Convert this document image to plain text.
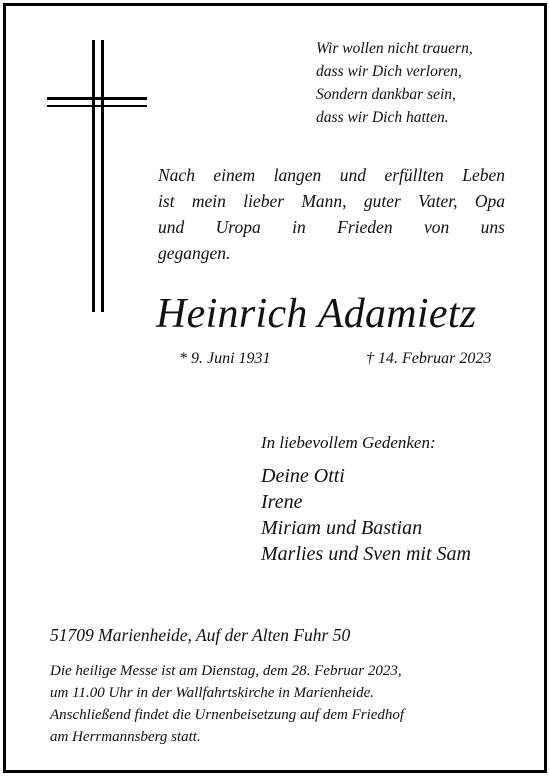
Wir wollen nicht trauern,
dass wir Dich verloren,
Sondern dankbar sein,
dass wir Dich hatten.
Nach einem langen und erfüllten Leben
ist mein lieber Mann, guter Vater, Opa
und Uropa in Frieden von uns
gegangen.
Heinrich Adamietz
* 9. Juni 1931	† 14. Februar 2023
In liebevollem Gedenken:
Deine Otti
Irene
Miriam und Bastian
Marlies und Sven mit Sam
51709 Marienheide, Auf der Alten Fuhr 50
Die heilige Messe ist am Dienstag, dem 28. Februar 2023,
um 11.00 Uhr in der Wallfahrtskirche in Marienheide.
Anschließend findet die Urnenbeisetzung auf dem Friedhof
am Herrmannsberg statt.
